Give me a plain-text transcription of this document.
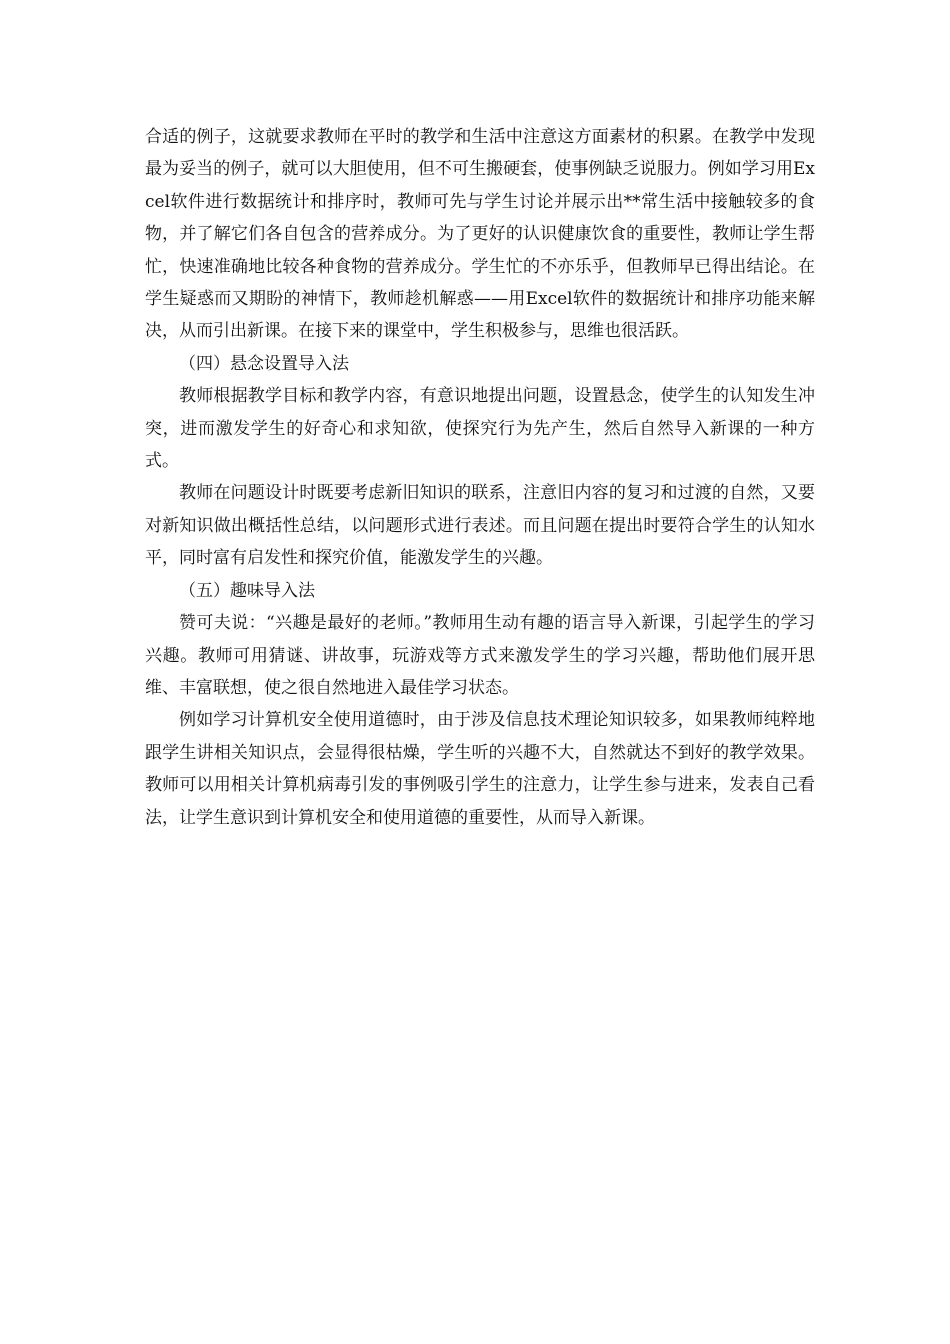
合适的例子，这就要求教师在平时的教学和生活中注意这方面素材的积累。在教学中发现最为妥当的例子，就可以大胆使用，但不可生搬硬套，使事例缺乏说服力。例如学习用Excel软件进行数据统计和排序时，教师可先与学生讨论并展示出**常生活中接触较多的食物，并了解它们各自包含的营养成分。为了更好的认识健康饮食的重要性，教师让学生帮忙，快速准确地比较各种食物的营养成分。学生忙的不亦乐乎，但教师早已得出结论。在学生疑惑而又期盼的神情下，教师趁机解惑——用Excel软件的数据统计和排序功能来解决，从而引出新课。在接下来的课堂中，学生积极参与，思维也很活跃。

（四）悬念设置导入法

教师根据教学目标和教学内容，有意识地提出问题，设置悬念，使学生的认知发生冲突，进而激发学生的好奇心和求知欲，使探究行为先产生，然后自然导入新课的一种方式。

教师在问题设计时既要考虑新旧知识的联系，注意旧内容的复习和过渡的自然，又要对新知识做出概括性总结，以问题形式进行表述。而且问题在提出时要符合学生的认知水平，同时富有启发性和探究价值，能激发学生的兴趣。

（五）趣味导入法

赞可夫说：“兴趣是最好的老师。”教师用生动有趣的语言导入新课，引起学生的学习兴趣。教师可用猜谜、讲故事，玩游戏等方式来激发学生的学习兴趣，帮助他们展开思维、丰富联想，使之很自然地进入最佳学习状态。

例如学习计算机安全使用道德时，由于涉及信息技术理论知识较多，如果教师纯粹地跟学生讲相关知识点，会显得很枯燥，学生听的兴趣不大，自然就达不到好的教学效果。教师可以用相关计算机病毒引发的事例吸引学生的注意力，让学生参与进来，发表自己看法，让学生意识到计算机安全和使用道德的重要性，从而导入新课。
